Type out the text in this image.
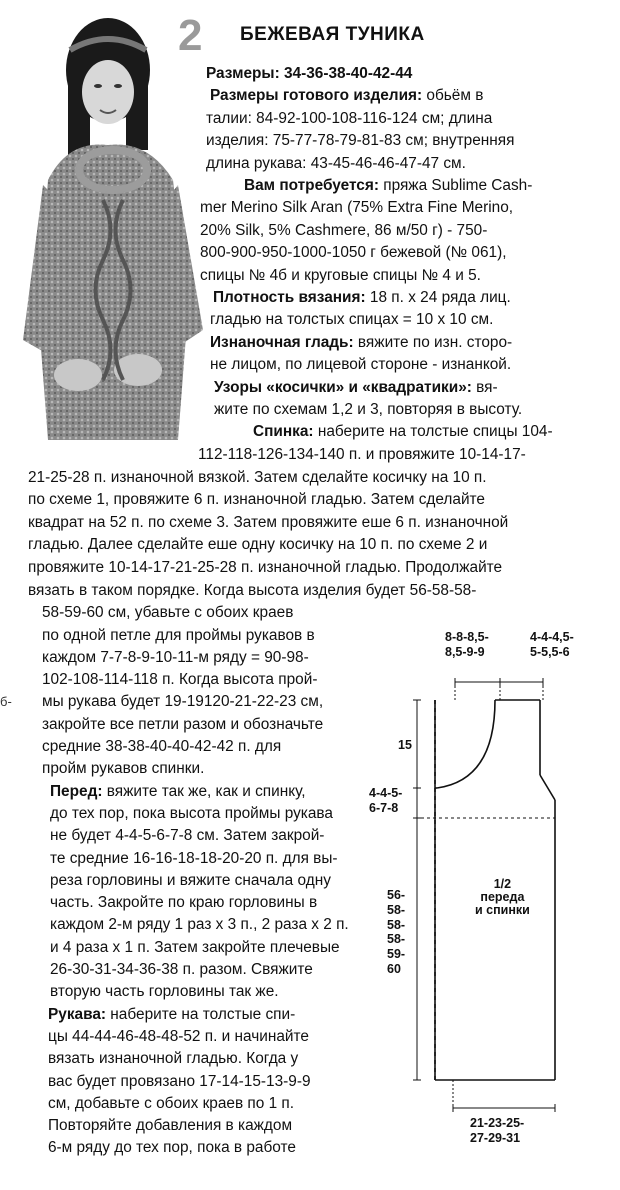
2 БЕЖЕВАЯ ТУНИКА
Размеры: 34-36-38-40-42-44
Размеры готового изделия: обьём в
талии: 84-92-100-108-116-124 см; длина
изделия: 75-77-78-79-81-83 см; внутренняя
длина рукава: 43-45-46-46-47-47 см.
Вам потребуется: пряжа Sublime Cash-
mer Merino Silk Aran (75% Extra Fine Merino,
20% Silk, 5% Cashmere, 86 м/50 г) - 750-
800-900-950-1000-1050 г бежевой (№ 061),
спицы № 4б и круговые спицы № 4 и 5.
Плотность вязания: 18 п. х 24 ряда лиц.
гладью на толстых спицах = 10 х 10 см.
Изнаночная гладь: вяжите по изн. сторо-
не лицом, по лицевой стороне - изнанкой.
Узоры «косички» и «квадратики»: вя-
жите по схемам 1,2 и 3, повторяя в высоту.
Спинка: наберите на толстые спицы 104-
112-118-126-134-140 п. и провяжите 10-14-17-
21-25-28 п. изнаночной вязкой. Затем сделайте косичку на 10 п.
по схеме 1, провяжите 6 п. изнаночной гладью. Затем сделайте
квадрат на 52 п. по схеме 3. Затем провяжите еше 6 п. изнаночной
гладью. Далее сделайте еше одну косичку на 10 п. по схеме 2 и
провяжите 10-14-17-21-25-28 п. изнаночной гладью. Продолжайте
вязать в таком порядке. Когда высота изделия будет 56-58-58-
58-59-60 см, убавьте с обоих краев
по одной петле для проймы рукавов в
каждом 7-7-8-9-10-11-м ряду = 90-98-
102-108-114-118 п. Когда высота прой-
мы рукава будет 19-19120-21-22-23 см,
закройте все петли разом и обозначьте
средние 38-38-40-40-42-42 п. для
пройм рукавов спинки.
Перед: вяжите так же, как и спинку,
до тех пор, пока высота проймы рукава
не будет 4-4-5-6-7-8 см. Затем закрой-
те средние 16-16-18-18-20-20 п. для вы-
реза горловины и вяжите сначала одну
часть. Закройте по краю горловины в
каждом 2-м ряду 1 раз х 3 п., 2 раза х 2 п.
и 4 раза х 1 п. Затем закройте плечевые
26-30-31-34-36-38 п. разом. Свяжите
вторую часть горловины так же.
Рукава: наберите на толстые спи-
цы 44-44-46-48-48-52 п. и начинайте
вязать изнаночной гладью. Когда у
вас будет провязано 17-14-15-13-9-9
см, добавьте с обоих краев по 1 п.
Повторяйте добавления в каждом
6-м ряду до тех пор, пока в работе
б-
8-8-8,5-
8,5-9-9
4-4-4,5-
5-5,5-6
15
4-4-5-
6-7-8
56-
58-
58-
58-
59-
60
1/2
переда
и спинки
21-23-25-
27-29-31
